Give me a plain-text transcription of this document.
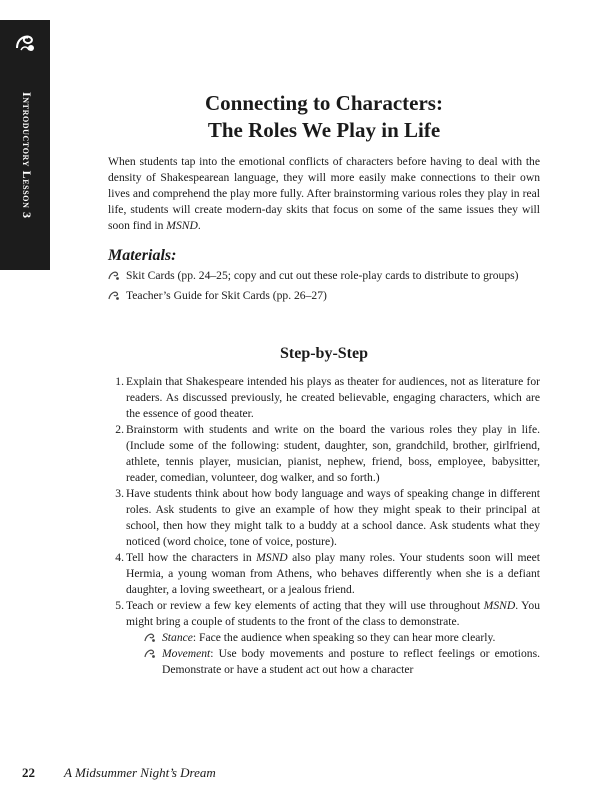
Introductory Lesson 3	Connecting to Characters:
The Roles We Play in Life

When students tap into the emotional conflicts of characters before having to deal with the density of Shakespearean language, they will more easily make connections to their own lives and comprehend the play more fully. After brainstorming various roles they play in real life, students will create modern-day skits that focus on some of the same issues they will soon find in MSND.

Materials:
Skit Cards (pp. 24–25; copy and cut out these role-play cards to distribute to groups)
Teacher’s Guide for Skit Cards (pp. 26–27)
Step-by-Step
1. Explain that Shakespeare intended his plays as theater for audiences, not as literature for readers. As discussed previously, he created believable, engaging characters, which are the essence of good theater.
2. Brainstorm with students and write on the board the various roles they play in life. (Include some of the following: student, daughter, son, grandchild, brother, girlfriend, athlete, tennis player, musician, pianist, nephew, friend, boss, employee, babysitter, reader, comedian, volunteer, dog walker, and so forth.)
3. Have students think about how body language and ways of speaking change in different roles. Ask students to give an example of how they might speak to their principal at school, then how they might talk to a buddy at a school dance. Ask students what they noticed (word choice, tone of voice, posture).
4. Tell how the characters in MSND also play many roles. Your students soon will meet Hermia, a young woman from Athens, who behaves differently when she is a defiant daughter, a loving sweetheart, or a jealous friend.
5. Teach or review a few key elements of acting that they will use throughout MSND. You might bring a couple of students to the front of the class to demonstrate.
Stance: Face the audience when speaking so they can hear more clearly.
Movement: Use body movements and posture to reflect feelings or emotions. Demonstrate or have a student act out how a character
22 A Midsummer Night’s Dream
